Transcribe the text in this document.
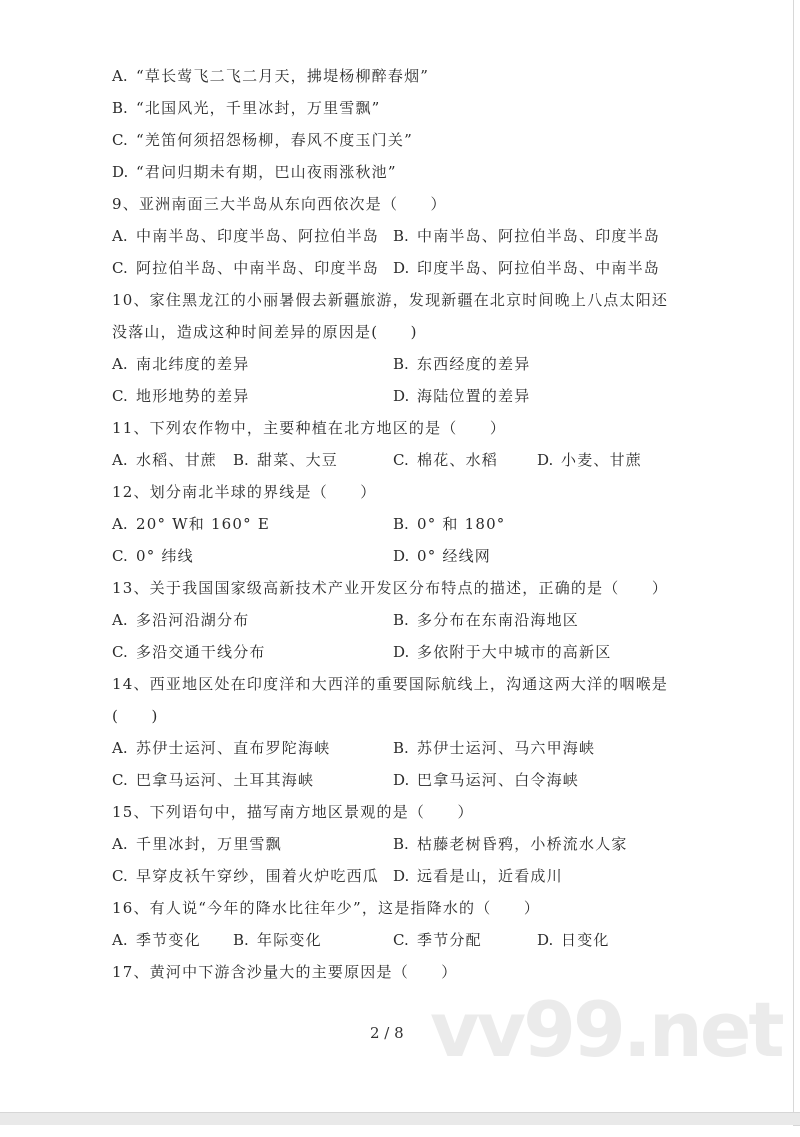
vv99.net
A. “草长莺飞二飞二月天，拂堤杨柳醉春烟”
B. “北国风光，千里冰封，万里雪飘”
C. “羌笛何须招怨杨柳，春风不度玉门关”
D. “君问归期未有期，巴山夜雨涨秋池”
9、亚洲南面三大半岛从东向西依次是（　　）
A. 中南半岛、印度半岛、阿拉伯半岛 B. 中南半岛、阿拉伯半岛、印度半岛
C. 阿拉伯半岛、中南半岛、印度半岛 D. 印度半岛、阿拉伯半岛、中南半岛
10、家住黑龙江的小丽暑假去新疆旅游，发现新疆在北京时间晚上八点太阳还
没落山，造成这种时间差异的原因是(　　)
A. 南北纬度的差异	B. 东西经度的差异
C. 地形地势的差异	D. 海陆位置的差异
11、下列农作物中，主要种植在北方地区的是（　　）
A. 水稻、甘蔗 B. 甜菜、大豆	C. 棉花、水稻	D. 小麦、甘蔗
12、划分南北半球的界线是（　　）
A. 20° W和 160° E	B. 0° 和 180°
C. 0° 纬线	D. 0° 经线网
13、关于我国国家级高新技术产业开发区分布特点的描述，正确的是（　　）
A. 多沿河沿湖分布	B. 多分布在东南沿海地区
C. 多沿交通干线分布	D. 多依附于大中城市的高新区
14、西亚地区处在印度洋和大西洋的重要国际航线上，沟通这两大洋的咽喉是
(　　)
A. 苏伊士运河、直布罗陀海峡	B. 苏伊士运河、马六甲海峡
C. 巴拿马运河、土耳其海峡	D. 巴拿马运河、白令海峡
15、下列语句中，描写南方地区景观的是（　　）
A. 千里冰封，万里雪飘	B. 枯藤老树昏鸦，小桥流水人家
C. 早穿皮袄午穿纱，围着火炉吃西瓜 D. 远看是山，近看成川
16、有人说“今年的降水比往年少”，这是指降水的（　　）
A. 季节变化 B. 年际变化	C. 季节分配	D. 日变化
17、黄河中下游含沙量大的主要原因是（　　）
2 / 8
